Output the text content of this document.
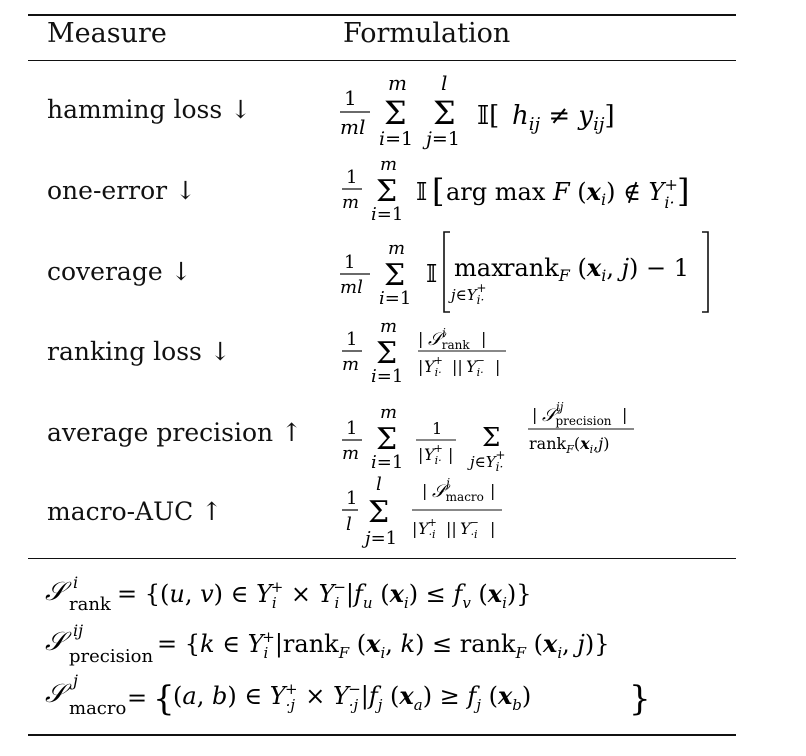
Measure	Formulation
hamming loss ↓
one-error ↓
coverage ↓
ranking loss ↓
average precision ↑
macro-AUC ↑
1
ml
m
Σ
i=1
l
Σ
j=1
𝕀[ $h_{ij} \ne y_{ij}$]
1
m
m
Σ
i=1
𝕀 [ arg max F $(x_i)$ ∉ $Y_{i\cdot}+$ ]
1
ml
m
Σ
i=1
𝕀 max
$j\in Y_{i\cdot}+$
rank$_F$ ($x_i$, j) − 1
1
m
m
Σ
i=1
| 𝒮$^i$ rank |
| $Y_{i\cdot}+$ || $Y_{i\cdot}-$ |
1
m
m
Σ
i=1
1
| $Y_{i\cdot}+$ |
Σ
$j\in Y_{i\cdot}+$
| 𝒮$^{ij}$ precision |
$rank_F(x_i,j)$
1
l
l
Σ
j=1
| 𝒮$^j$ macro |
| $Y_{\cdot i}+$ || $Y_{\cdot i}-$ |
𝒮 i
rank = {(u, v) ∈ $Y_i+ \times Y_i-|f_u$ $(x_i) \le f_v$ $(x_i)$}
𝒮 ij
precision = {k ∈ $Y_i+|rank_F$ ($x_i$, k) ≤ rank$_F$ ($x_i$, j)}
𝒮 j
macro = {
(a, b) ∈ $Y_{\cdot j}+ \times Y_{\cdot j}-|f_j$ $(x_a) \ge f_j$ $(x_b)$	}
